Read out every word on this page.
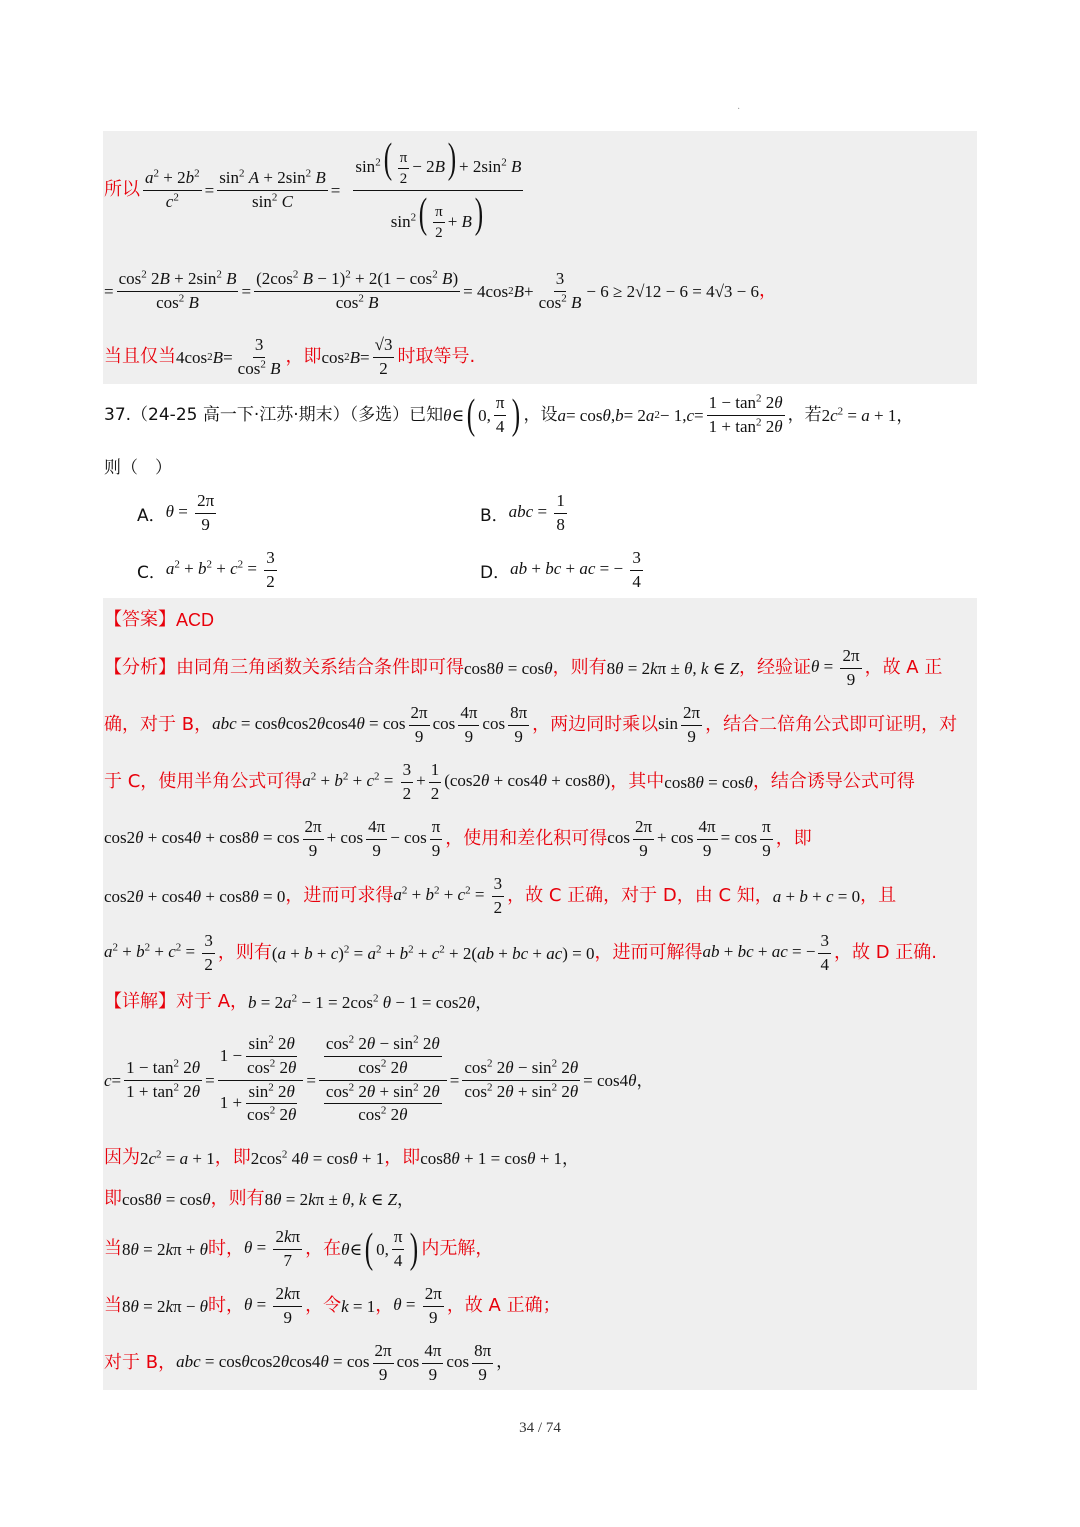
·
所以 $\frac{a^2 + 2b^2}{c^2} = \frac{\sin^2 A + 2\sin^2 B}{\sin^2 C} = \frac{\sin^2( \frac{\pi}{2} - 2B) + 2\sin^2 B}{\sin^2( \frac{\pi}{2} + B)}$
= $\frac{\cos^2 2B + 2\sin^2 B}{\cos^2 B} = \frac{(2\cos^2 B - 1)^2 + 2(1 - \cos^2 B)}{\cos^2 B} = 4\cos$ 2 $B + \frac{3}{\cos^2 B} - 6 \ge 2√12 - 6 = 4√3 - 6$ ，
当且仅当 4cos 2 $B = \frac{3}{\cos^2 B}$ ，即 cos 2 $B = \frac{√3}{2}$ 时取等号.
37. （24-25 高一下·江苏·期末）（多选）已知 θ ∈ ( 0, $\frac{\pi}{4}$ ) ，设 a = cos θ , b = 2 a 2 − 1, $c = \frac{1 - \tan^2 2\theta}{1 + \tan^2 2\theta}$ ，若 $2c^2 = a + 1$，
则（　）
A． $\theta = \frac{2\pi}{9}$	B． abc = $\frac{1}{8}$
C． $a^2 + b^2 + c^2 = \frac{3}{2}$	D． ab + bc + ac = − $\frac{3}{4}$
【答案】 ACD
【分析】 由同角三角函数关系结合条件即可得 cos8θ = cosθ ，则有 8θ = 2kπ ± θ, k ∈ Z ，经验证 $\theta = \frac{2\pi}{9}$ ，故 A 正
确，对于 B， abc = $\cos\theta\cos 2\theta\cos 4\theta = \cos \frac{2\pi}{9}$ $\cos \frac{4\pi}{9}$ $\cos \frac{8\pi}{9}$ ，两边同时乘以 $\sin \frac{2\pi}{9}$ ，结合二倍角公式即可证明，对
于 C，使用半角公式可得 $a^2 + b^2 + c^2 = \frac{3}{2} + \frac{1}{2} (\cos 2\theta + \cos 4\theta + \cos 8\theta)$ ，其中 cos8θ = cosθ ，结合诱导公式可得
$\cos 2\theta + \cos 4\theta + \cos 8\theta = \cos \frac{2\pi}{9} + \cos \frac{4\pi}{9} - \cos \frac{\pi}{9}$ ，使用和差化积可得 $\cos \frac{2\pi}{9} + \cos \frac{4\pi}{9} = \cos \frac{\pi}{9}$ ，即
cos2θ + cos4θ + cos8θ = 0 ，进而可求得 $a^2 + b^2 + c^2 = \frac{3}{2}$ ，故 C 正确，对于 D，由 C 知， a + b + c = 0 ，且
$a^2 + b^2 + c^2 = \frac{3}{2}$ ，则有 $(a + b + c)^2 = a^2 + b^2 + c^2 + 2(ab$ + bc + ac) = 0 ，进而可解得 ab + bc + ac = − $\frac{3}{4}$ ，故 D 正确.
【详解】 对于 A， $b = 2a^2 - 1 = 2\cos^2$ θ − 1 = cos2θ，
$c = \frac{1 - \tan^2 2\theta}{1 + \tan^2 2\theta} = \frac{1 - \frac{\sin^2 2\theta}{\cos^2 2\theta}}{1 + \frac{\sin^2 2\theta}{\cos^2 2\theta}} = \frac{\frac{\cos^2 2\theta - \sin^2 2\theta}{\cos^2 2\theta}}{\frac{\cos^2 2\theta + \sin^2 2\theta}{\cos^2 2\theta}} = \frac{\cos^2 2\theta - \sin^2 2\theta}{\cos^2 2\theta + \sin^2 2\theta} = \cos 4$ θ ，
因为 $2c^2 = a + 1$ ，即 $2\cos^2$ 4θ = cosθ + 1 ，即 cos8θ + 1 = cosθ + 1，
即 cos8θ = cosθ ，则有 8θ = 2kπ ± θ, k ∈ Z，
当 8θ = 2kπ + θ 时， $\theta = \frac{2k\pi}{7}$ ，在 θ ∈ ( 0, $\frac{\pi}{4}$ ) 内无解，
当 8θ = 2kπ − θ 时， $\theta = \frac{2k\pi}{9}$ ，令 k = 1 ， $\theta = \frac{2\pi}{9}$ ，故 A 正确；
对于 B， abc = $\cos\theta\cos 2\theta\cos 4\theta = \cos \frac{2\pi}{9}$ $\cos \frac{4\pi}{9}$ $\cos \frac{8\pi}{9}$ ，
34 / 74
